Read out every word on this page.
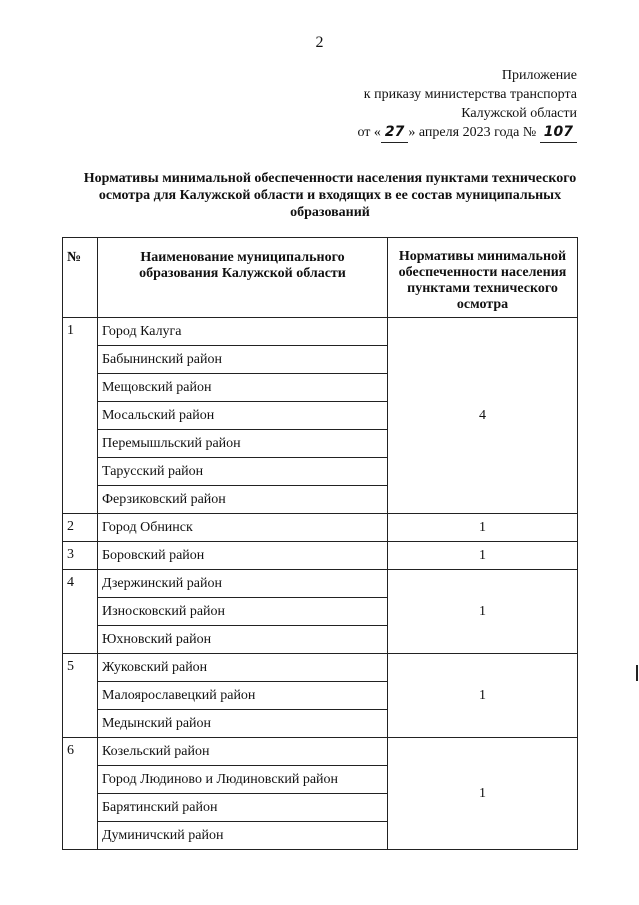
2
Приложение
к приказу министерства транспорта
Калужской области
от « 27 » апреля 2023 года № 107
Нормативы минимальной обеспеченности населения пунктами технического осмотра для Калужской области и входящих в ее состав муниципальных образований
№	Наименование муниципального образования Калужской области	Нормативы минимальной обеспеченности населения пунктами технического осмотра
1	Город Калуга	4
	Бабынинский район	
	Мещовский район	
	Мосальский район	
	Перемышльский район	
	Тарусский район	
	Ферзиковский район	
2	Город Обнинск	1
3	Боровский район	1
4	Дзержинский район	1
	Износковский район	
	Юхновский район	
5	Жуковский район	1
	Малоярославецкий район	
	Медынский район	
6	Козельский район	1
	Город Людиново и Людиновский район	
	Барятинский район	
	Думиничский район	
